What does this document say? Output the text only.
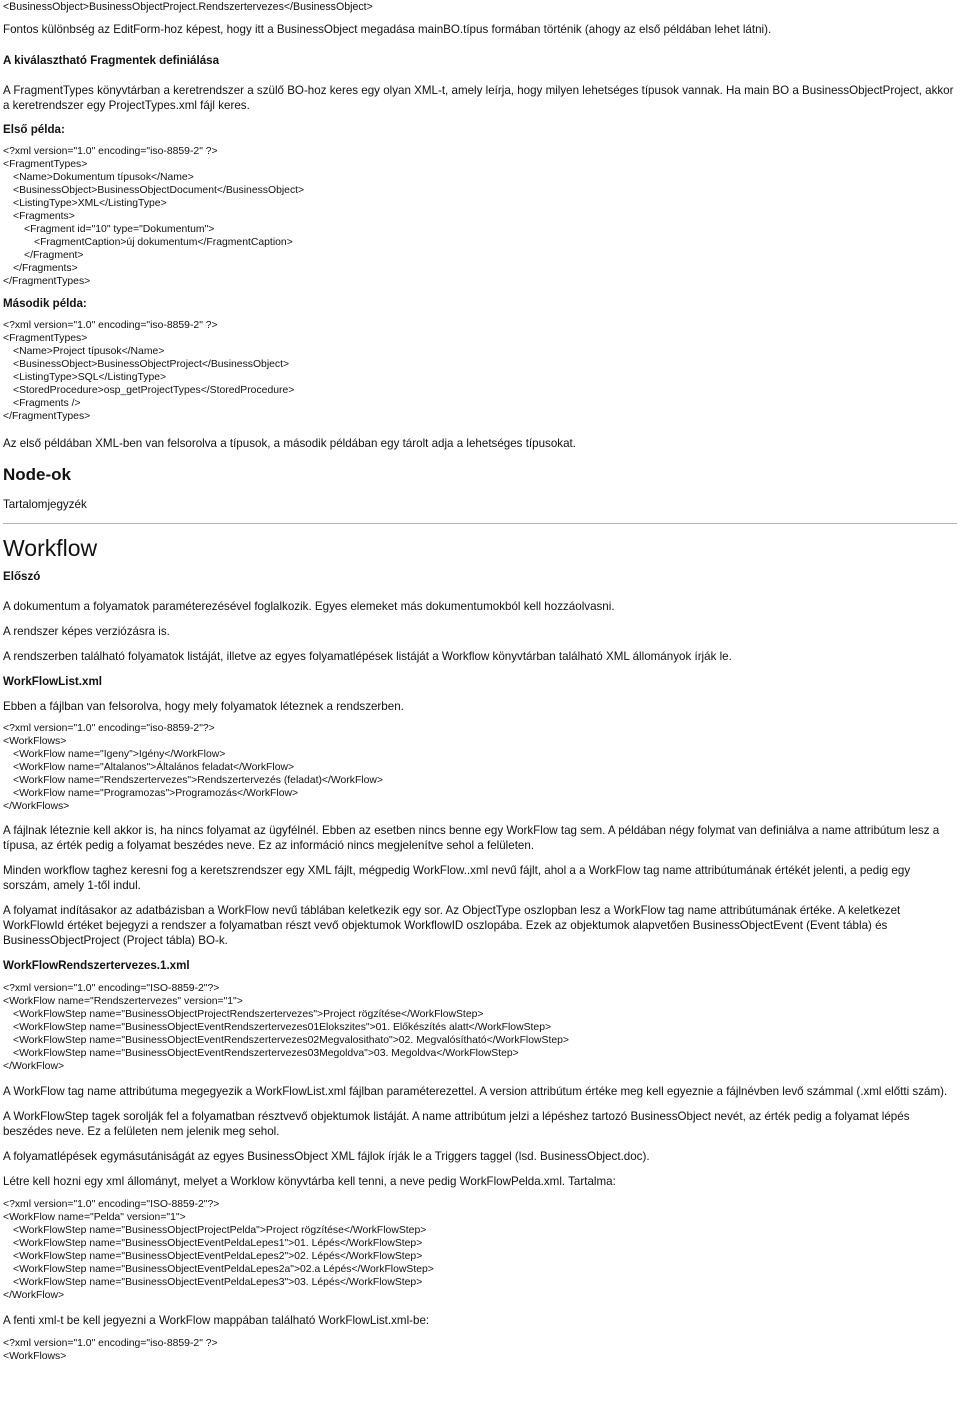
<BusinessObject>BusinessObjectProject.Rendszertervezes</BusinessObject>

Fontos különbség az EditForm-hoz képest, hogy itt a BusinessObject megadása mainBO.típus formában történik (ahogy az első példában lehet látni).

A kiválasztható Fragmentek definiálása

A FragmentTypes könyvtárban a keretrendszer a szülő BO-hoz keres egy olyan XML-t, amely leírja, hogy milyen lehetséges típusok vannak. Ha main BO a BusinessObjectProject, akkor a keretrendszer egy ProjectTypes.xml fájl keres.

Első példa:

<?xml version="1.0" encoding="iso-8859-2" ?>

<FragmentTypes>

<Name>Dokumentum típusok</Name>

<BusinessObject>BusinessObjectDocument</BusinessObject>

<ListingType>XML</ListingType>

<Fragments>

<Fragment id="10" type="Dokumentum">

<FragmentCaption>új dokumentum</FragmentCaption>

</Fragment>

</Fragments>

</FragmentTypes>

Második példa:

<?xml version="1.0" encoding="iso-8859-2" ?>

<FragmentTypes>

<Name>Project típusok</Name>

<BusinessObject>BusinessObjectProject</BusinessObject>

<ListingType>SQL</ListingType>

<StoredProcedure>osp_getProjectTypes</StoredProcedure>

<Fragments />

</FragmentTypes>

Az első példában XML-ben van felsorolva a típusok, a második példában egy tárolt adja a lehetséges típusokat.

Node-ok

Tartalomjegyzék

Workflow

Előszó

A dokumentum a folyamatok paraméterezésével foglalkozik. Egyes elemeket más dokumentumokból kell hozzáolvasni.

A rendszer képes verziózásra is.

A rendszerben található folyamatok listáját, illetve az egyes folyamatlépések listáját a Workflow könyvtárban található XML állományok írják le.

WorkFlowList.xml

Ebben a fájlban van felsorolva, hogy mely folyamatok léteznek a rendszerben.

<?xml version="1.0" encoding="iso-8859-2"?>

<WorkFlows>

<WorkFlow name="Igeny">Igény</WorkFlow>

<WorkFlow name="Altalanos">Általános feladat</WorkFlow>

<WorkFlow name="Rendszertervezes">Rendszertervezés (feladat)</WorkFlow>

<WorkFlow name="Programozas">Programozás</WorkFlow>

</WorkFlows>

A fájlnak léteznie kell akkor is, ha nincs folyamat az ügyfélnél. Ebben az esetben nincs benne egy WorkFlow tag sem. A példában négy folymat van definiálva a name attribútum lesz a típusa, az érték pedig a folyamat beszédes neve. Ez az információ nincs megjelenítve sehol a felületen.

Minden workflow taghez keresni fog a keretszrendszer egy XML fájlt, mégpedig WorkFlow..xml nevű fájlt, ahol a a WorkFlow tag name attribútumának értékét jelenti, a pedig egy sorszám, amely 1-től indul.

A folyamat indításakor az adatbázisban a WorkFlow nevű táblában keletkezik egy sor. Az ObjectType oszlopban lesz a WorkFlow tag name attribútumának értéke. A keletkezet WorkFlowId értéket bejegyzi a rendszer a folyamatban részt vevő objektumok WorkflowID oszlopába. Ezek az objektumok alapvetően BusinessObjectEvent (Event tábla) és BusinessObjectProject (Project tábla) BO-k.

WorkFlowRendszertervezes.1.xml

<?xml version="1.0" encoding="ISO-8859-2"?>

<WorkFlow name="Rendszertervezes" version="1">

<WorkFlowStep name="BusinessObjectProjectRendszertervezes">Project rögzítése</WorkFlowStep>

<WorkFlowStep name="BusinessObjectEventRendszertervezes01Elokszites">01. Előkészítés alatt</WorkFlowStep>

<WorkFlowStep name="BusinessObjectEventRendszertervezes02Megvalosithato">02. Megvalósítható</WorkFlowStep>

<WorkFlowStep name="BusinessObjectEventRendszertervezes03Megoldva">03. Megoldva</WorkFlowStep>

</WorkFlow>

A WorkFlow tag name attribútuma megegyezik a WorkFlowList.xml fájlban paraméterezettel. A version attribútum értéke meg kell egyeznie a fájlnévben levő számmal (.xml előtti szám).

A WorkFlowStep tagek sorolják fel a folyamatban résztvevő objektumok listáját. A name attribútum jelzi a lépéshez tartozó BusinessObject nevét, az érték pedig a folyamat lépés beszédes neve. Ez a felületen nem jelenik meg sehol.

A folyamatlépések egymásutániságát az egyes BusinessObject XML fájlok írják le a Triggers taggel (lsd. BusinessObject.doc).

Létre kell hozni egy xml állományt, melyet a Worklow könyvtárba kell tenni, a neve pedig WorkFlowPelda.xml. Tartalma:

<?xml version="1.0" encoding="ISO-8859-2"?>

<WorkFlow name="Pelda" version="1">

<WorkFlowStep name="BusinessObjectProjectPelda">Project rögzítése</WorkFlowStep>

<WorkFlowStep name="BusinessObjectEventPeldaLepes1">01. Lépés</WorkFlowStep>

<WorkFlowStep name="BusinessObjectEventPeldaLepes2">02. Lépés</WorkFlowStep>

<WorkFlowStep name="BusinessObjectEventPeldaLepes2a">02.a Lépés</WorkFlowStep>

<WorkFlowStep name="BusinessObjectEventPeldaLepes3">03. Lépés</WorkFlowStep>

</WorkFlow>

A fenti xml-t be kell jegyezni a WorkFlow mappában található WorkFlowList.xml-be:

<?xml version="1.0" encoding="iso-8859-2" ?>

<WorkFlows>
